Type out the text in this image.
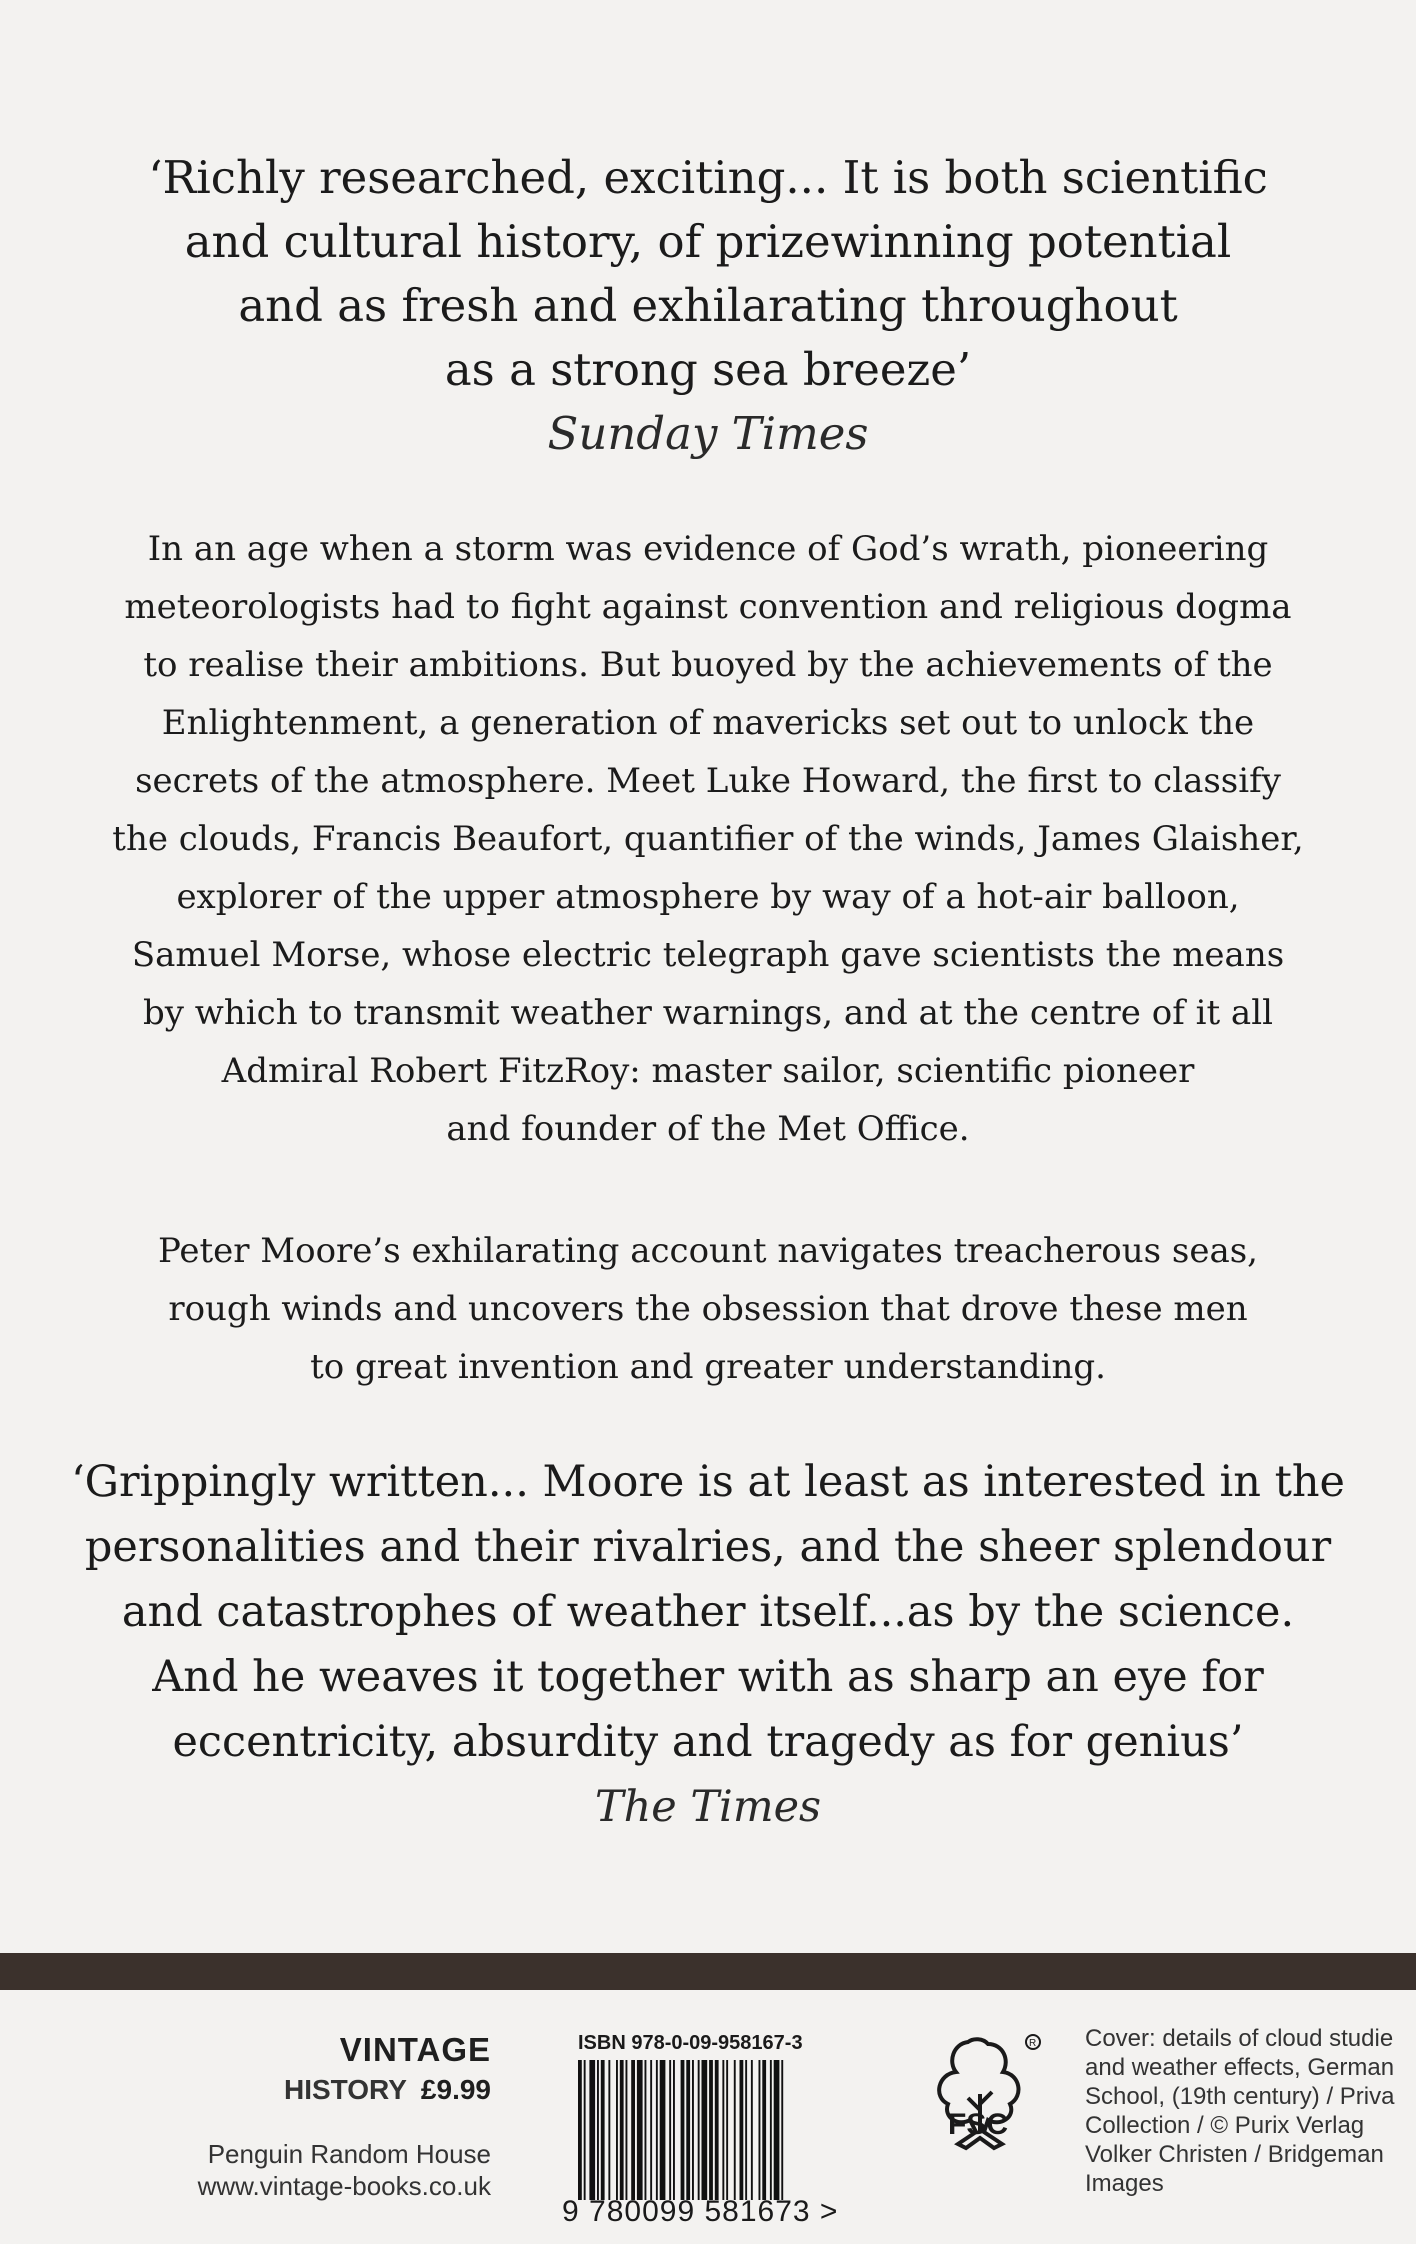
‘Richly researched, exciting... It is both scientific
and cultural history, of prizewinning potential
and as fresh and exhilarating throughout
as a strong sea breeze’
Sunday Times
In an age when a storm was evidence of God’s wrath, pioneering
meteorologists had to fight against convention and religious dogma
to realise their ambitions. But buoyed by the achievements of the
Enlightenment, a generation of mavericks set out to unlock the
secrets of the atmosphere. Meet Luke Howard, the first to classify
the clouds, Francis Beaufort, quantifier of the winds, James Glaisher,
explorer of the upper atmosphere by way of a hot-air balloon,
Samuel Morse, whose electric telegraph gave scientists the means
by which to transmit weather warnings, and at the centre of it all
Admiral Robert FitzRoy: master sailor, scientific pioneer
and founder of the Met Office.
Peter Moore’s exhilarating account navigates treacherous seas,
rough winds and uncovers the obsession that drove these men
to great invention and greater understanding.
‘Grippingly written... Moore is at least as interested in the
personalities and their rivalries, and the sheer splendour
and catastrophes of weather itself...as by the science.
And he weaves it together with as sharp an eye for
eccentricity, absurdity and tragedy as for genius’
The Times
VINTAGE
HISTORY £9.99
Penguin Random House
www.vintage-books.co.uk
ISBN 978-0-09-958167-3
9 780099 581673 >
R
FSC
Cover: details of cloud studie
and weather effects, German
School, (19th century) / Priva
Collection / © Purix Verlag
Volker Christen / Bridgeman
Images
